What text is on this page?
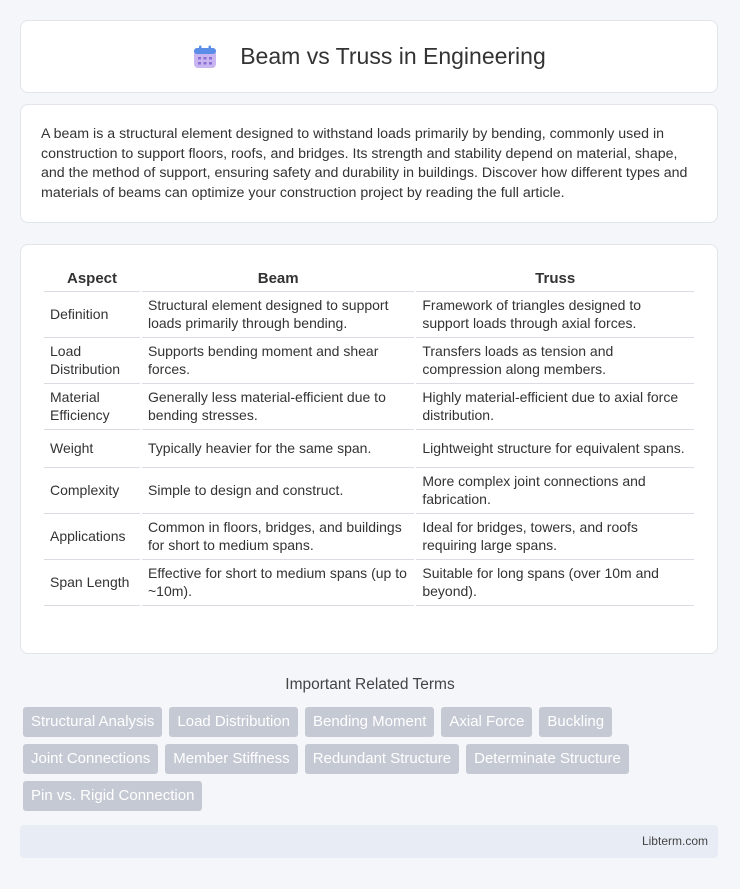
Beam vs Truss in Engineering

A beam is a structural element designed to withstand loads primarily by bending, commonly used in construction to support floors, roofs, and bridges. Its strength and stability depend on material, shape, and the method of support, ensuring safety and durability in buildings. Discover how different types and materials of beams can optimize your construction project by reading the full article.

Aspect	Beam	Truss
Definition	Structural element designed to support loads primarily through bending.	Framework of triangles designed to support loads through axial forces.
Load Distribution	Supports bending moment and shear forces.	Transfers loads as tension and compression along members.
Material Efficiency	Generally less material-efficient due to bending stresses.	Highly material-efficient due to axial force distribution.
Weight	Typically heavier for the same span.	Lightweight structure for equivalent spans.
Complexity	Simple to design and construct.	More complex joint connections and fabrication.
Applications	Common in floors, bridges, and buildings for short to medium spans.	Ideal for bridges, towers, and roofs requiring large spans.
Span Length	Effective for short to medium spans (up to ~10m).	Suitable for long spans (over 10m and beyond).
Important Related Terms
Structural Analysis	Load Distribution	Bending Moment	Axial Force	Buckling
Joint Connections	Member Stiffness	Redundant Structure	Determinate Structure
Pin vs. Rigid Connection
Libterm.com
